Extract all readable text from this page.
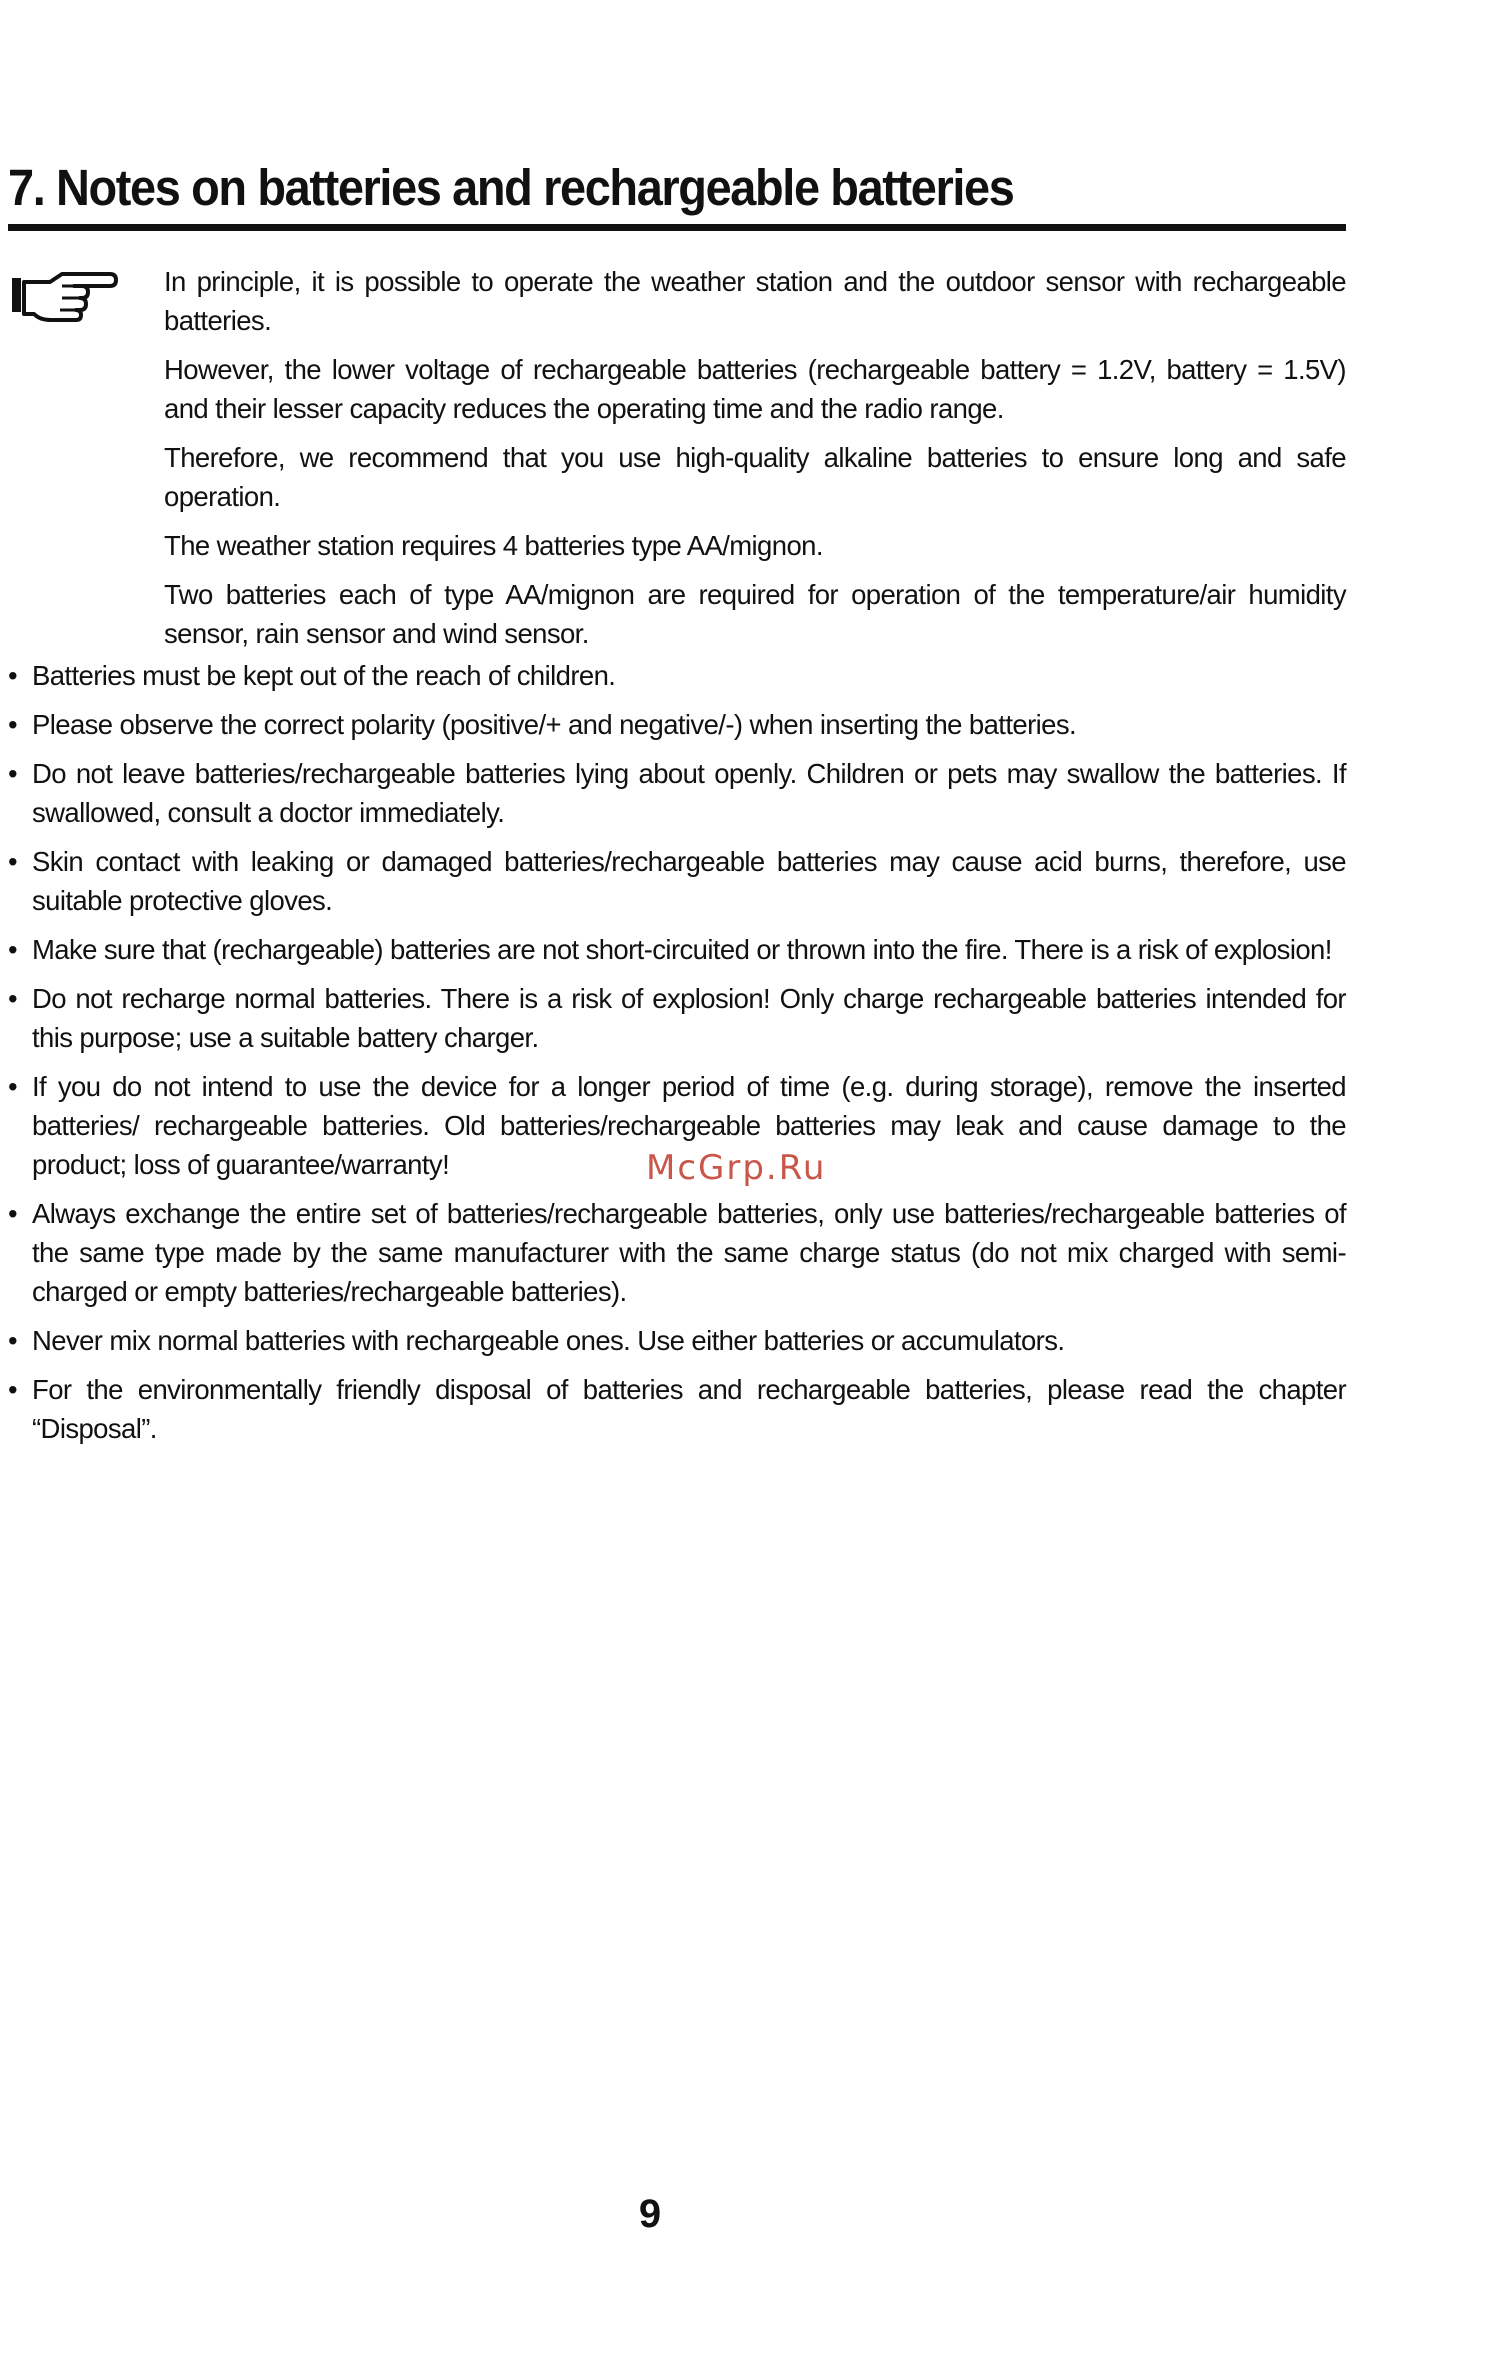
7. Notes on batteries and rechargeable batteries

In principle, it is possible to operate the weather station and the outdoor sensor with rechargeable batteries.

However, the lower voltage of rechargeable batteries (rechargeable battery = 1.2V, battery = 1.5V) and their lesser capacity reduces the operating time and the radio range.

Therefore, we recommend that you use high-quality alkaline batteries to ensure long and safe operation.

The weather station requires 4 batteries type AA/mignon.

Two batteries each of type AA/mignon are required for operation of the temperature/air humidity sensor, rain sensor and wind sensor.

• Batteries must be kept out of the reach of children.
• Please observe the correct polarity (positive/+ and negative/-) when inserting the batteries.
• Do not leave batteries/rechargeable batteries lying about openly. Children or pets may swallow the batteries. If swallowed, consult a doctor immediately.
• Skin contact with leaking or damaged batteries/rechargeable batteries may cause acid burns, therefore, use suitable protective gloves.
• Make sure that (rechargeable) batteries are not short-circuited or thrown into the fire. There is a risk of explosion!
• Do not recharge normal batteries. There is a risk of explosion! Only charge rechargeable batteries intended for this purpose; use a suitable battery charger.
• If you do not intend to use the device for a longer period of time (e.g. during storage), remove the inserted batteries/ rechargeable batteries. Old batteries/rechargeable batteries may leak and cause damage to the product; loss of guarantee/warranty!
• Always exchange the entire set of batteries/rechargeable batteries, only use batteries/rechargeable batteries of the same type made by the same manufacturer with the same charge status (do not mix charged with semi-charged or empty batteries/rechargeable batteries).
• Never mix normal batteries with rechargeable ones. Use either batteries or accumulators.
• For the environmentally friendly disposal of batteries and rechargeable batteries, please read the chapter “Disposal”.
McGrp.Ru
9
